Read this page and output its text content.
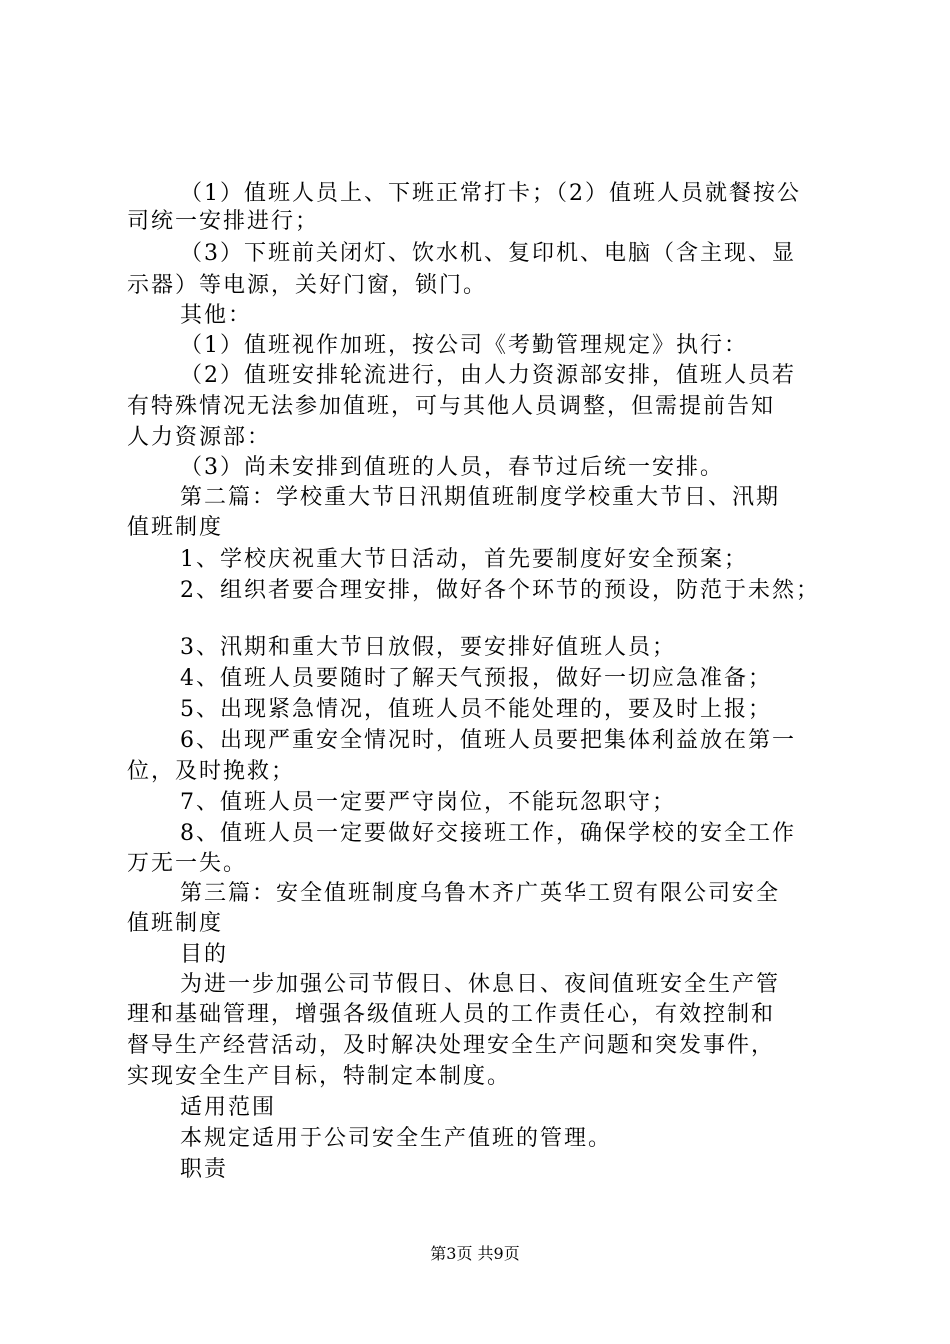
（1）值班人员上、下班正常打卡；（2）值班人员就餐按公
司统一安排进行；
（3）下班前关闭灯、饮水机、复印机、电脑（含主现、显
示器）等电源，关好门窗，锁门。
其他：
（1）值班视作加班，按公司《考勤管理规定》执行：
（2）值班安排轮流进行，由人力资源部安排，值班人员若
有特殊情况无法参加值班，可与其他人员调整，但需提前告知
人力资源部：
（3）尚未安排到值班的人员，春节过后统一安排。
第二篇：学校重大节日汛期值班制度学校重大节日、汛期
值班制度
1、学校庆祝重大节日活动，首先要制度好安全预案；
2、组织者要合理安排，做好各个环节的预设，防范于未然；
3、汛期和重大节日放假，要安排好值班人员；
4、值班人员要随时了解天气预报，做好一切应急准备；
5、出现紧急情况，值班人员不能处理的，要及时上报；
6、出现严重安全情况时，值班人员要把集体利益放在第一
位，及时挽救；
7、值班人员一定要严守岗位，不能玩忽职守；
8、值班人员一定要做好交接班工作，确保学校的安全工作
万无一失。
第三篇：安全值班制度乌鲁木齐广英华工贸有限公司安全
值班制度
目的
为进一步加强公司节假日、休息日、夜间值班安全生产管
理和基础管理，增强各级值班人员的工作责任心，有效控制和
督导生产经营活动，及时解决处理安全生产问题和突发事件，
实现安全生产目标，特制定本制度。
适用范围
本规定适用于公司安全生产值班的管理。
职责
第3页 共9页
